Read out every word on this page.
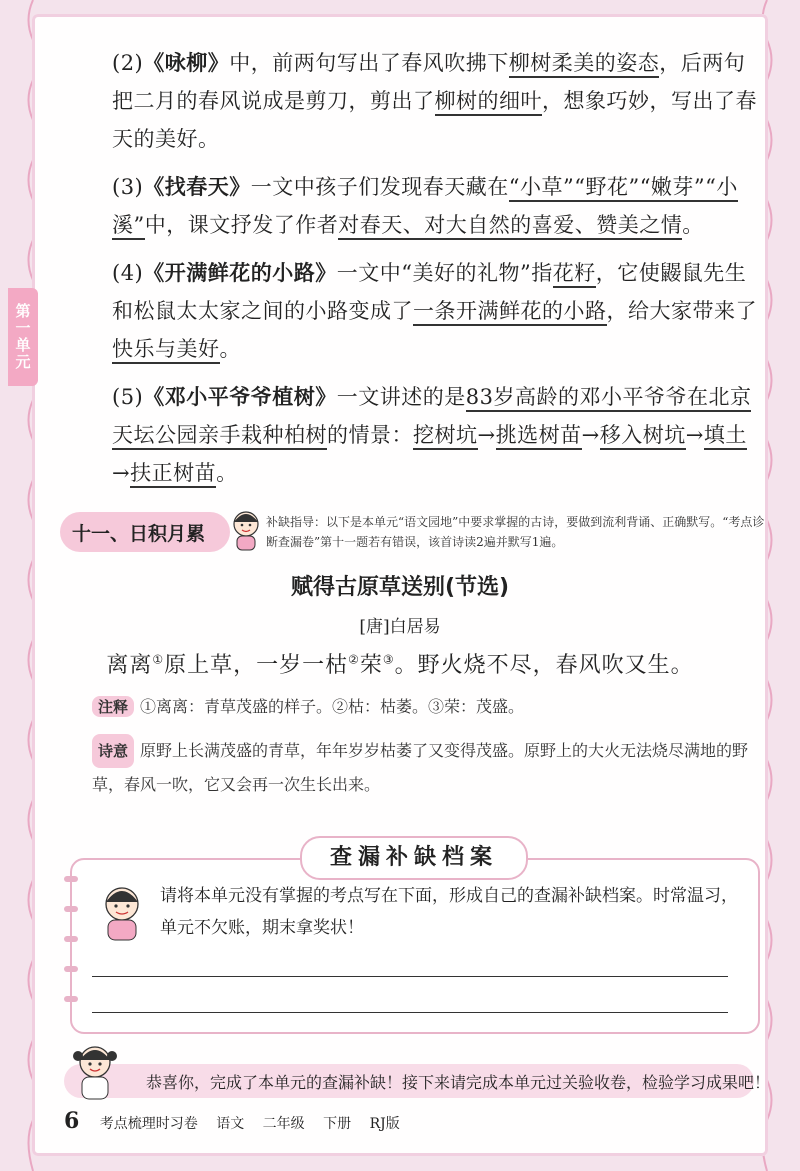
第一单元
(2)《咏柳》中，前两句写出了春风吹拂下柳树柔美的姿态，后两句把二月的春风说成是剪刀，剪出了柳树的细叶，想象巧妙，写出了春天的美好。
(3)《找春天》一文中孩子们发现春天藏在“小草”“野花”“嫩芽”“小溪”中，课文抒发了作者对春天、对大自然的喜爱、赞美之情。
(4)《开满鲜花的小路》一文中“美好的礼物”指花籽，它使鼹鼠先生和松鼠太太家之间的小路变成了一条开满鲜花的小路，给大家带来了快乐与美好。
(5)《邓小平爷爷植树》一文讲述的是83岁高龄的邓小平爷爷在北京天坛公园亲手栽种柏树的情景：挖树坑→挑选树苗→移入树坑→填土→扶正树苗。
十一、日积月累
补缺指导：以下是本单元“语文园地”中要求掌握的古诗，要做到流利背诵、正确默写。“考点诊断查漏卷”第十一题若有错误，该首诗读2遍并默写1遍。
赋得古原草送别(节选)
[唐]白居易
离离①原上草，一岁一枯②荣③。野火烧不尽，春风吹又生。
注释 ①离离：青草茂盛的样子。②枯：枯萎。③荣：茂盛。
诗意 原野上长满茂盛的青草，年年岁岁枯萎了又变得茂盛。原野上的大火无法烧尽满地的野草，春风一吹，它又会再一次生长出来。
查漏补缺档案
请将本单元没有掌握的考点写在下面，形成自己的查漏补缺档案。时常温习，单元不欠账，期末拿奖状！
恭喜你，完成了本单元的查漏补缺！接下来请完成本单元过关验收卷，检验学习成果吧！
6 考点梳理时习卷 语文 二年级 下册 RJ版
